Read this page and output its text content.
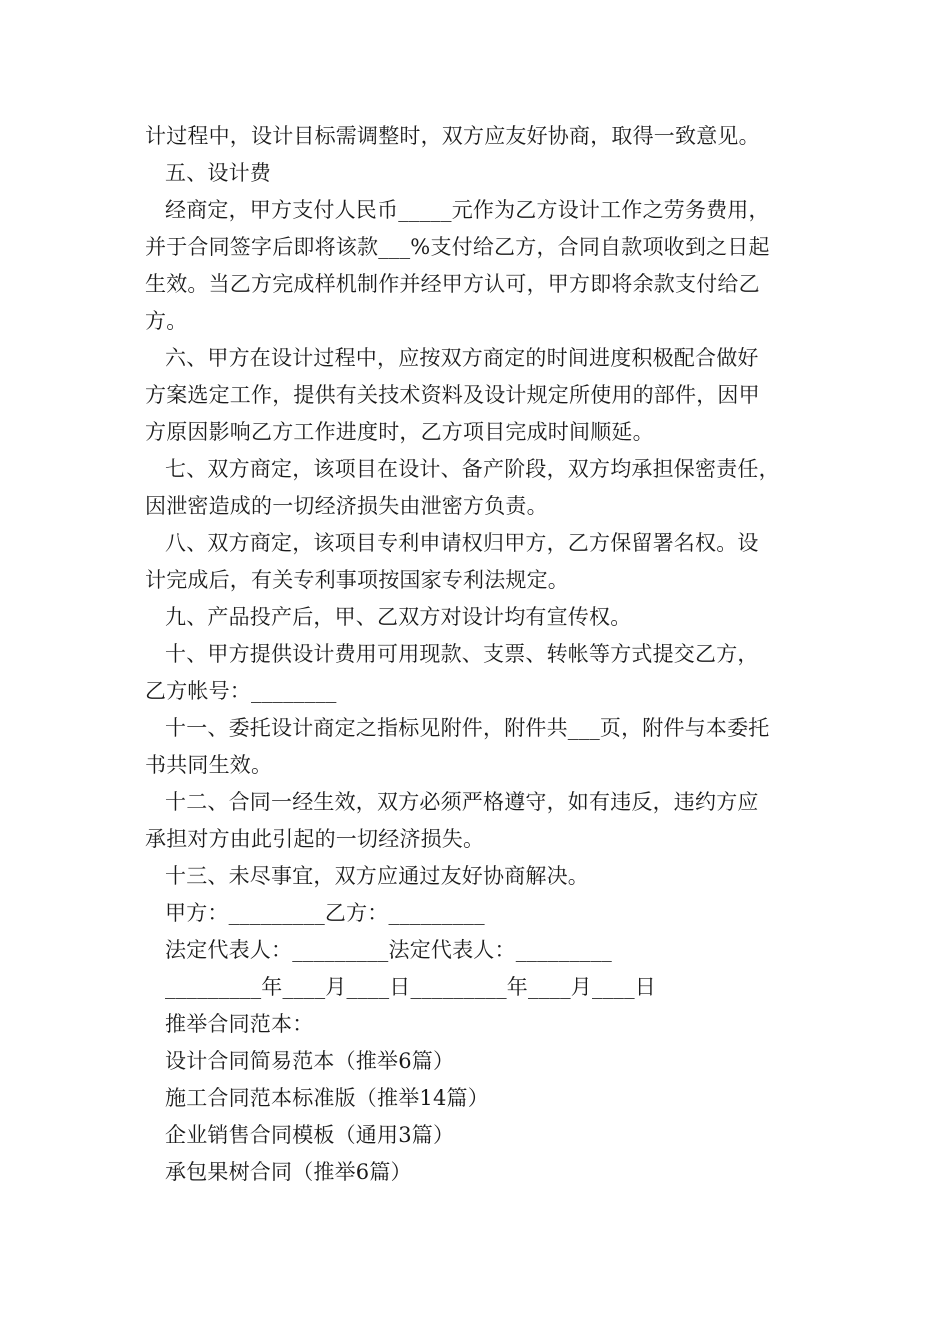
计过程中，设计目标需调整时，双方应友好协商，取得一致意见。
五、设计费
经商定，甲方支付人民币_____元作为乙方设计工作之劳务费用，
并于合同签字后即将该款___%支付给乙方，合同自款项收到之日起
生效。当乙方完成样机制作并经甲方认可，甲方即将余款支付给乙
方。
六、甲方在设计过程中，应按双方商定的时间进度积极配合做好
方案选定工作，提供有关技术资料及设计规定所使用的部件，因甲
方原因影响乙方工作进度时，乙方项目完成时间顺延。
七、双方商定，该项目在设计、备产阶段，双方均承担保密责任，
因泄密造成的一切经济损失由泄密方负责。
八、双方商定，该项目专利申请权归甲方，乙方保留署名权。设
计完成后，有关专利事项按国家专利法规定。
九、产品投产后，甲、乙双方对设计均有宣传权。
十、甲方提供设计费用可用现款、支票、转帐等方式提交乙方，
乙方帐号：________
十一、委托设计商定之指标见附件，附件共___页，附件与本委托
书共同生效。
十二、合同一经生效，双方必须严格遵守，如有违反，违约方应
承担对方由此引起的一切经济损失。
十三、未尽事宜，双方应通过友好协商解决。
甲方：_________乙方：_________
法定代表人：_________法定代表人：_________
_________年____月____日_________年____月____日
推举合同范本：
设计合同简易范本（推举6篇）
施工合同范本标准版（推举14篇）
企业销售合同模板（通用3篇）
承包果树合同（推举6篇）
